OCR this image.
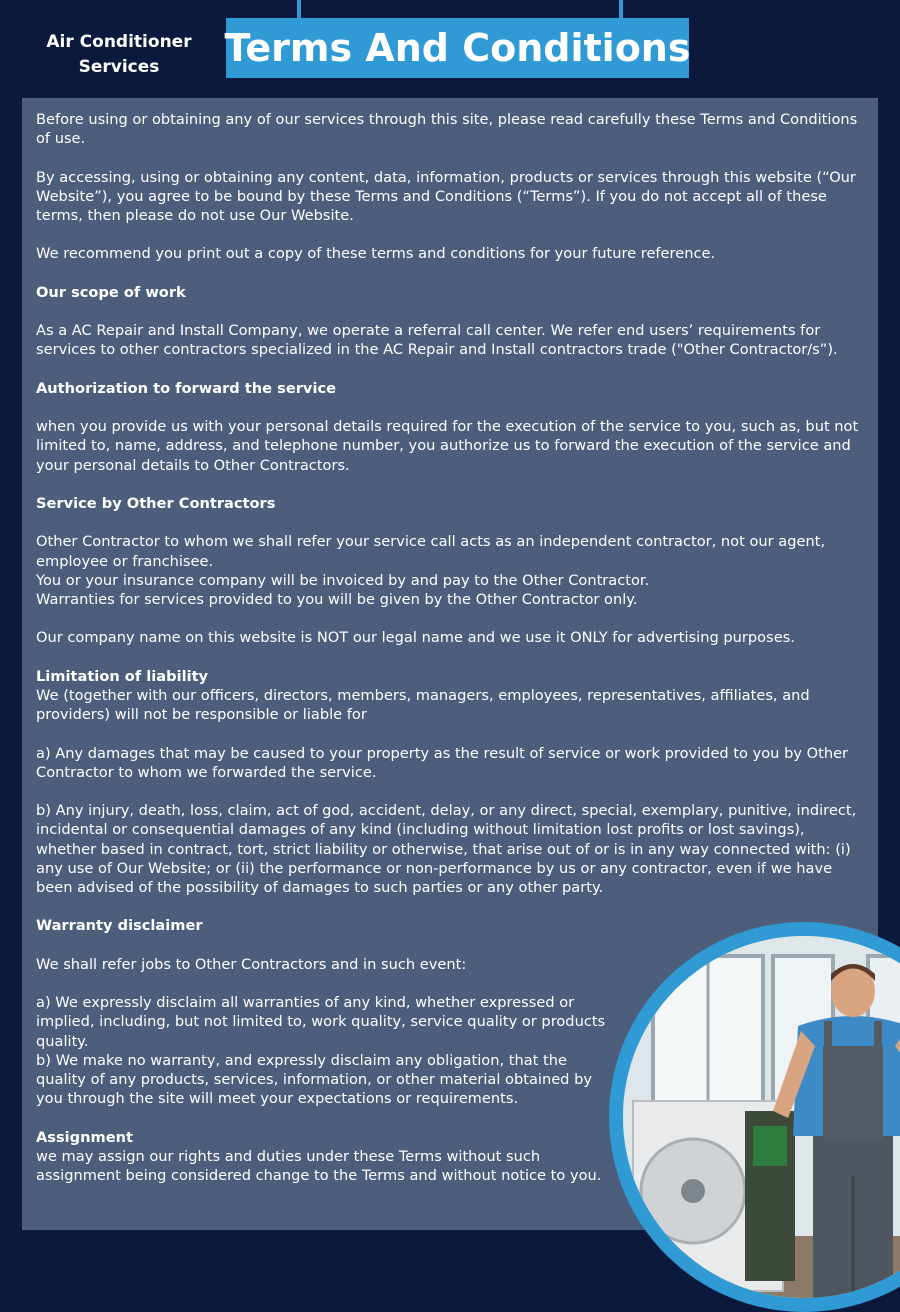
Air Conditioner
Services	Terms And Conditions

Before using or obtaining any of our services through this site, please read carefully these Terms and Conditions of use.

By accessing, using or obtaining any content, data, information, products or services through this website (“Our Website”), you agree to be bound by these Terms and Conditions (“Terms”). If you do not accept all of these terms, then please do not use Our Website.

We recommend you print out a copy of these terms and conditions for your future reference.

Our scope of work

As a AC Repair and Install Company, we operate a referral call center. We refer end users’ requirements for services to other contractors specialized in the AC Repair and Install contractors trade ("Other Contractor/s”).

Authorization to forward the service

when you provide us with your personal details required for the execution of the service to you, such as, but not limited to, name, address, and telephone number, you authorize us to forward the execution of the service and your personal details to Other Contractors.

Service by Other Contractors

Other Contractor to whom we shall refer your service call acts as an independent contractor, not our agent, employee or franchisee.

You or your insurance company will be invoiced by and pay to the Other Contractor.

Warranties for services provided to you will be given by the Other Contractor only.

Our company name on this website is NOT our legal name and we use it ONLY for advertising purposes.

Limitation of liability

We (together with our officers, directors, members, managers, employees, representatives, affiliates, and providers) will not be responsible or liable for

a) Any damages that may be caused to your property as the result of service or work provided to you by Other Contractor to whom we forwarded the service.

b) Any injury, death, loss, claim, act of god, accident, delay, or any direct, special, exemplary, punitive, indirect, incidental or consequential damages of any kind (including without limitation lost profits or lost savings), whether based in contract, tort, strict liability or otherwise, that arise out of or is in any way connected with: (i) any use of Our Website; or (ii) the performance or non-performance by us or any contractor, even if we have been advised of the possibility of damages to such parties or any other party.

Warranty disclaimer

We shall refer jobs to Other Contractors and in such event:

a) We expressly disclaim all warranties of any kind, whether expressed or implied, including, but not limited to, work quality, service quality or products quality.

b) We make no warranty, and expressly disclaim any obligation, that the quality of any products, services, information, or other material obtained by you through the site will meet your expectations or requirements.

Assignment

we may assign our rights and duties under these Terms without such assignment being considered change to the Terms and without notice to you.
